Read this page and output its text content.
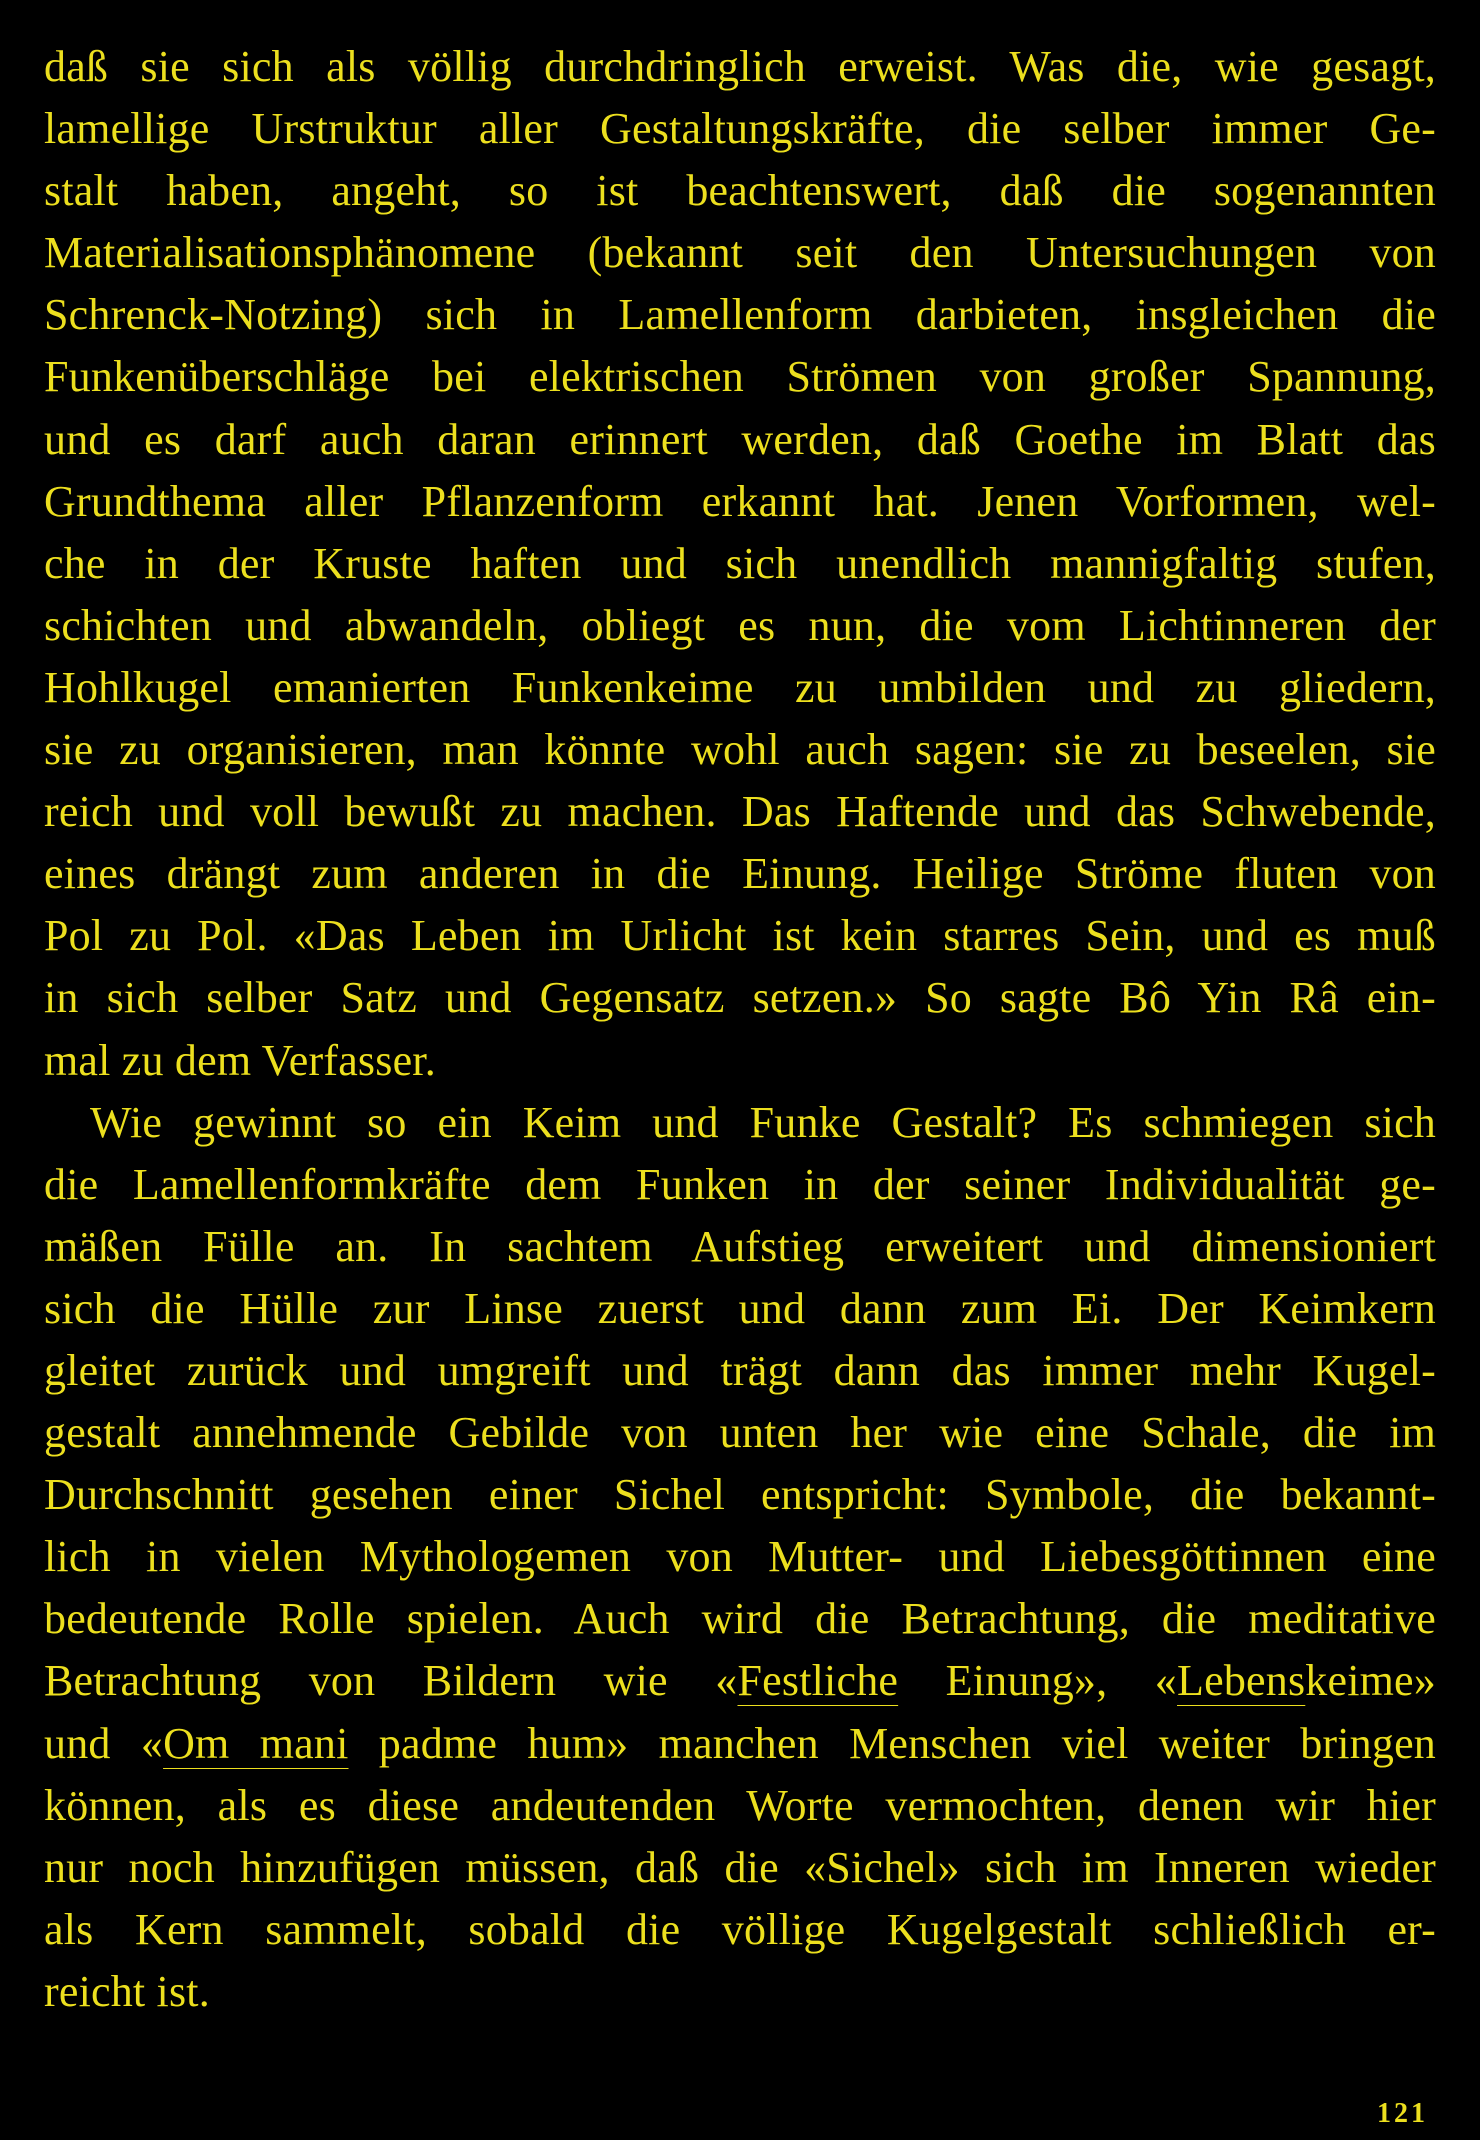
daß sie sich als völlig durchdringlich erweist. Was die, wie gesagt,
lamellige Urstruktur aller Gestaltungskräfte, die selber immer Ge-
stalt haben, angeht, so ist beachtenswert, daß die sogenannten
Materialisationsphänomene (bekannt seit den Untersuchungen von
Schrenck-Notzing) sich in Lamellenform darbieten, insgleichen die
Funkenüberschläge bei elektrischen Strömen von großer Spannung,
und es darf auch daran erinnert werden, daß Goethe im Blatt das
Grundthema aller Pflanzenform erkannt hat. Jenen Vorformen, wel-
che in der Kruste haften und sich unendlich mannigfaltig stufen,
schichten und abwandeln, obliegt es nun, die vom Lichtinneren der
Hohlkugel emanierten Funkenkeime zu umbilden und zu gliedern,
sie zu organisieren, man könnte wohl auch sagen: sie zu beseelen, sie
reich und voll bewußt zu machen. Das Haftende und das Schwebende,
eines drängt zum anderen in die Einung. Heilige Ströme fluten von
Pol zu Pol. «Das Leben im Urlicht ist kein starres Sein, und es muß
in sich selber Satz und Gegensatz setzen.» So sagte Bô Yin Râ ein-
mal zu dem Verfasser.
Wie gewinnt so ein Keim und Funke Gestalt? Es schmiegen sich
die Lamellenformkräfte dem Funken in der seiner Individualität ge-
mäßen Fülle an. In sachtem Aufstieg erweitert und dimensioniert
sich die Hülle zur Linse zuerst und dann zum Ei. Der Keimkern
gleitet zurück und umgreift und trägt dann das immer mehr Kugel-
gestalt annehmende Gebilde von unten her wie eine Schale, die im
Durchschnitt gesehen einer Sichel entspricht: Symbole, die bekannt-
lich in vielen Mythologemen von Mutter- und Liebesgöttinnen eine
bedeutende Rolle spielen. Auch wird die Betrachtung, die meditative
Betrachtung von Bildern wie «Festliche Einung», «Lebenskeime»
und «Om mani padme hum» manchen Menschen viel weiter bringen
können, als es diese andeutenden Worte vermochten, denen wir hier
nur noch hinzufügen müssen, daß die «Sichel» sich im Inneren wieder
als Kern sammelt, sobald die völlige Kugelgestalt schließlich er-
reicht ist.
121
